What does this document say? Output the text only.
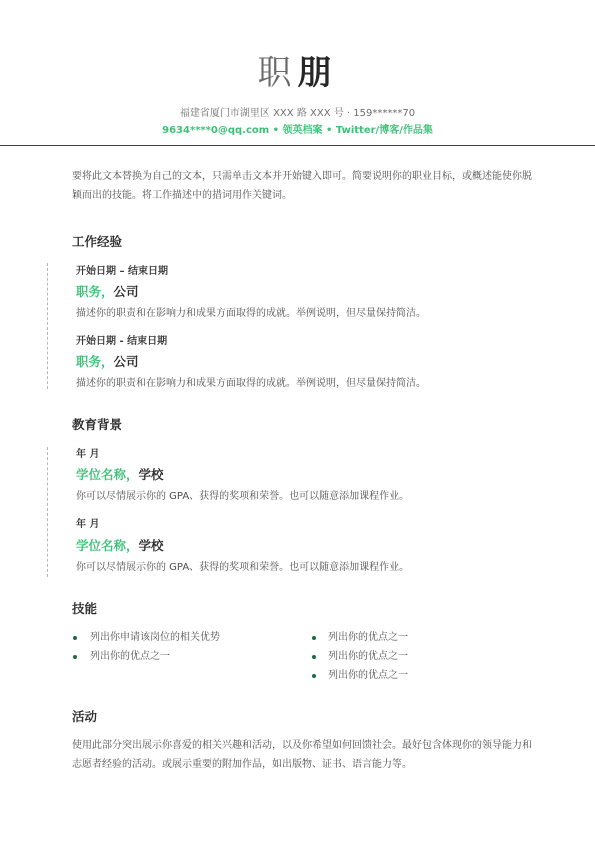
职朋
福建省厦门市湖里区 XXX 路 XXX 号 · 159******70
9634****0@qq.com • 领英档案 • Twitter/博客/作品集
要将此文本替换为自己的文本，只需单击文本并开始键入即可。简要说明你的职业目标，或概述能使你脱颖而出的技能。将工作描述中的措词用作关键词。
工作经验
开始日期 – 结束日期
职务，公司
描述你的职责和在影响力和成果方面取得的成就。举例说明，但尽量保持简洁。
开始日期 - 结束日期
职务，公司
描述你的职责和在影响力和成果方面取得的成就。举例说明，但尽量保持简洁。
教育背景
年 月
学位名称，学校
你可以尽情展示你的 GPA、获得的奖项和荣誉。也可以随意添加课程作业。
年 月
学位名称，学校
你可以尽情展示你的 GPA、获得的奖项和荣誉。也可以随意添加课程作业。
技能
列出你申请该岗位的相关优势
列出你的优点之一
列出你的优点之一
列出你的优点之一
列出你的优点之一
活动
使用此部分突出展示你喜爱的相关兴趣和活动，以及你希望如何回馈社会。最好包含体现你的领导能力和志愿者经验的活动。或展示重要的附加作品，如出版物、证书、语言能力等。
